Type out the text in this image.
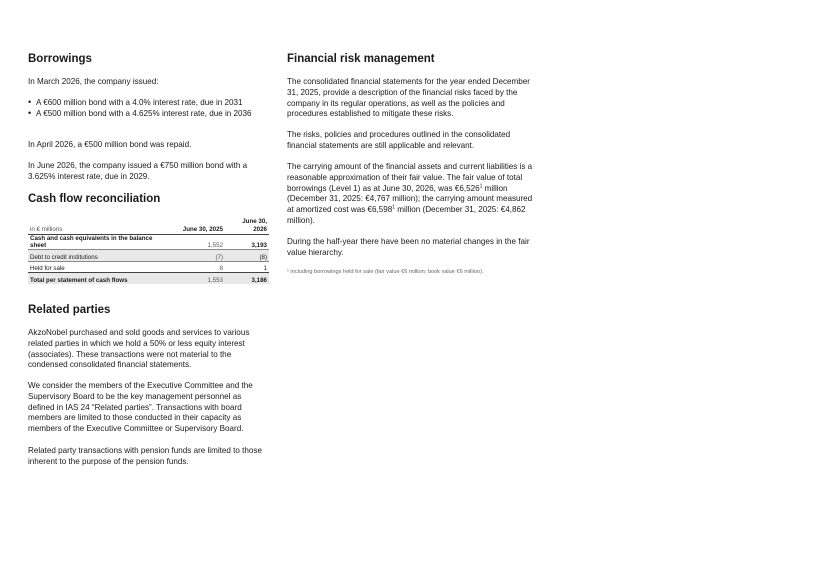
Borrowings

In March 2026, the company issued:

• A €600 million bond with a 4.0% interest rate, due in 2031
• A €500 million bond with a 4.625% interest rate, due in 2036

In April 2026, a €500 million bond was repaid.

In June 2026, the company issued a €750 million bond with a 3.625% interest rate, due in 2029.

Cash flow reconciliation
in € millions	June 30, 2025	June 30,
2026
Cash and cash equivalents in the balance sheet	1,552	3,193
Debt to credit institutions	(7)	(8)
Held for sale	8	1
Total per statement of cash flows	1,553	3,186
Related parties

AkzoNobel purchased and sold goods and services to various related parties in which we hold a 50% or less equity interest (associates). These transactions were not material to the condensed consolidated financial statements.

We consider the members of the Executive Committee and the Supervisory Board to be the key management personnel as defined in IAS 24 “Related parties”. Transactions with board members are limited to those conducted in their capacity as members of the Executive Committee or Supervisory Board.

Related party transactions with pension funds are limited to those inherent to the purpose of the pension funds.

Financial risk management

The consolidated financial statements for the year ended December 31, 2025, provide a description of the financial risks faced by the company in its regular operations, as well as the policies and procedures established to mitigate these risks.

The risks, policies and procedures outlined in the consolidated financial statements are still applicable and relevant.

The carrying amount of the financial assets and current liabilities is a reasonable approximation of their fair value. The fair value of total borrowings (Level 1) as at June 30, 2026, was €6,526$^1$ million (December 31, 2025: €4,767 million); the carrying amount measured at amortized cost was €6,598$^1$ million (December 31, 2025: €4,862 million).

During the half-year there have been no material changes in the fair value hierarchy.

¹ including borrowings held for sale (fair value €6 million; book value €6 million).
